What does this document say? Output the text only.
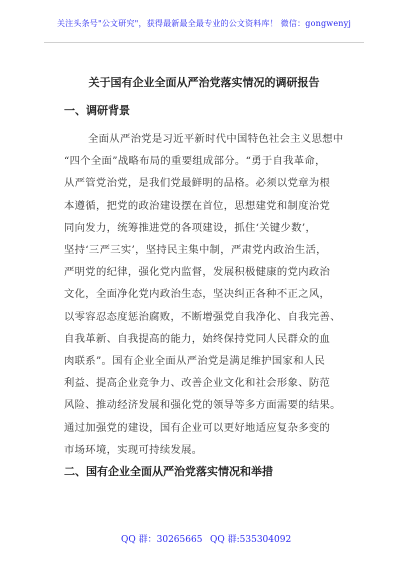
关注头条号"公文研究"，获得最新最全最专业的公文资料库！ 微信：gongwenyj
关于国有企业全面从严治党落实情况的调研报告
一、调研背景
全面从严治党是习近平新时代中国特色社会主义思想中
“四个全面”战略布局的重要组成部分。“勇于自我革命，
从严管党治党，是我们党最鲜明的品格。必须以党章为根
本遵循，把党的政治建设摆在首位，思想建党和制度治党
同向发力，统筹推进党的各项建设，抓住‘关键少数’，
坚持‘三严三实’，坚持民主集中制，严肃党内政治生活，
严明党的纪律，强化党内监督，发展积极健康的党内政治
文化，全面净化党内政治生态，坚决纠正各种不正之风，
以零容忍态度惩治腐败，不断增强党自我净化、自我完善、
自我革新、自我提高的能力，始终保持党同人民群众的血
肉联系”。国有企业全面从严治党是满足维护国家和人民
利益、提高企业竞争力、改善企业文化和社会形象、防范
风险、推动经济发展和强化党的领导等多方面需要的结果。
通过加强党的建设，国有企业可以更好地适应复杂多变的
市场环境，实现可持续发展。
二、国有企业全面从严治党落实情况和举措
QQ 群：30265665 QQ 群:535304092
